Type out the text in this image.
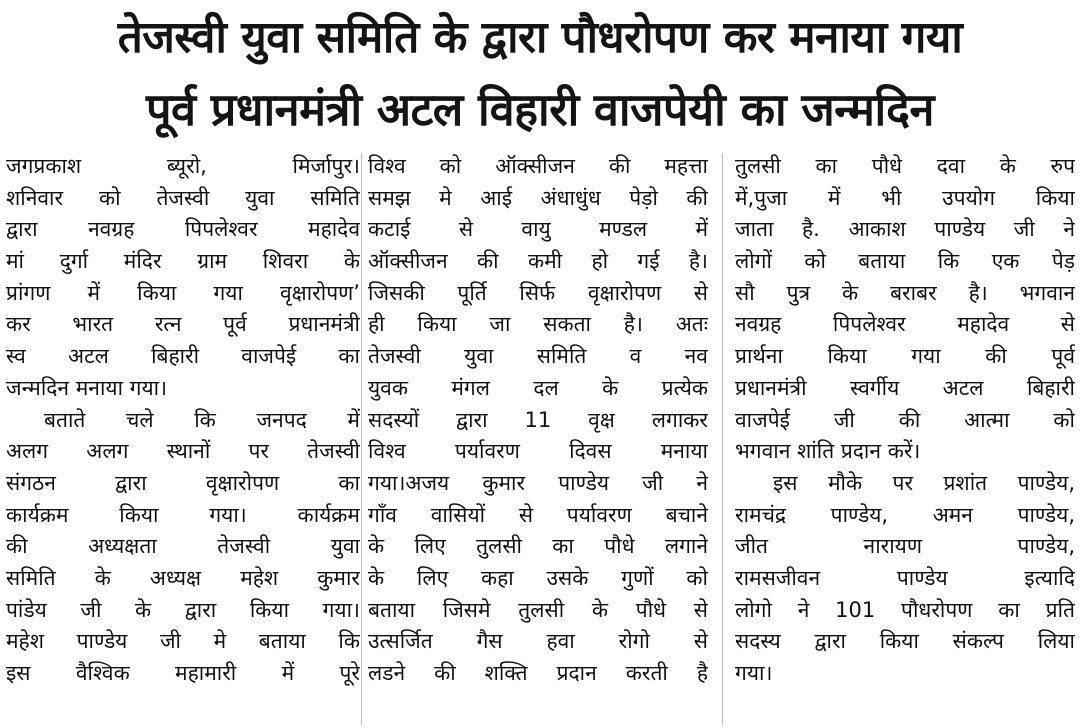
तेजस्वी युवा समिति के द्वारा पौधरोपण कर मनाया गया
पूर्व प्रधानमंत्री अटल विहारी वाजपेयी का जन्मदिन
जगप्रकाश ब्यूरो, मिर्जापुर।
शनिवार को तेजस्वी युवा समिति
द्वारा नवग्रह पिपलेश्वर महादेव
मां दुर्गा मंदिर ग्राम शिवरा के
प्रांगण में किया गया वृक्षारोपण’
कर भारत रत्न पूर्व प्रधानमंत्री
स्व अटल बिहारी वाजपेई का
जन्मदिन मनाया गया।
बताते चले कि जनपद में
अलग अलग स्थानों पर तेजस्वी
संगठन द्वारा वृक्षारोपण का
कार्यक्रम किया गया। कार्यक्रम
की अध्यक्षता तेजस्वी युवा
समिति के अध्यक्ष महेश कुमार
पांडेय जी के द्वारा किया गया।
महेश पाण्डेय जी मे बताया कि
इस वैश्विक महामारी में पूरे
विश्व को ऑक्सीजन की महत्ता
समझ मे आई अंधाधुंध पेड़ो की
कटाई से वायु मण्डल में
ऑक्सीजन की कमी हो गई है।
जिसकी पूर्ति सिर्फ वृक्षारोपण से
ही किया जा सकता है। अतः
तेजस्वी युवा समिति व नव
युवक मंगल दल के प्रत्येक
सदस्यों द्वारा 11 वृक्ष लगाकर
विश्व पर्यावरण दिवस मनाया
गया।अजय कुमार पाण्डेय जी ने
गाँव वासियों से पर्यावरण बचाने
के लिए तुलसी का पौधे लगाने
के लिए कहा उसके गुणों को
बताया जिसमे तुलसी के पौधे से
उत्सर्जित गैस हवा रोगो से
लडने की शक्ति प्रदान करती है
तुलसी का पौधे दवा के रुप
में,पुजा में भी उपयोग किया
जाता है. आकाश पाण्डेय जी ने
लोगों को बताया कि एक पेड़
सौ पुत्र के बराबर है। भगवान
नवग्रह पिपलेश्वर महादेव से
प्रार्थना किया गया की पूर्व
प्रधानमंत्री स्वर्गीय अटल बिहारी
वाजपेई जी की आत्मा को
भगवान शांति प्रदान करें।
इस मौके पर प्रशांत पाण्डेय,
रामचंद्र पाण्डेय, अमन पाण्डेय,
जीत नारायण पाण्डेय,
रामसजीवन पाण्डेय इत्यादि
लोगो ने 101 पौधरोपण का प्रति
सदस्य द्वारा किया संकल्प लिया
गया।
